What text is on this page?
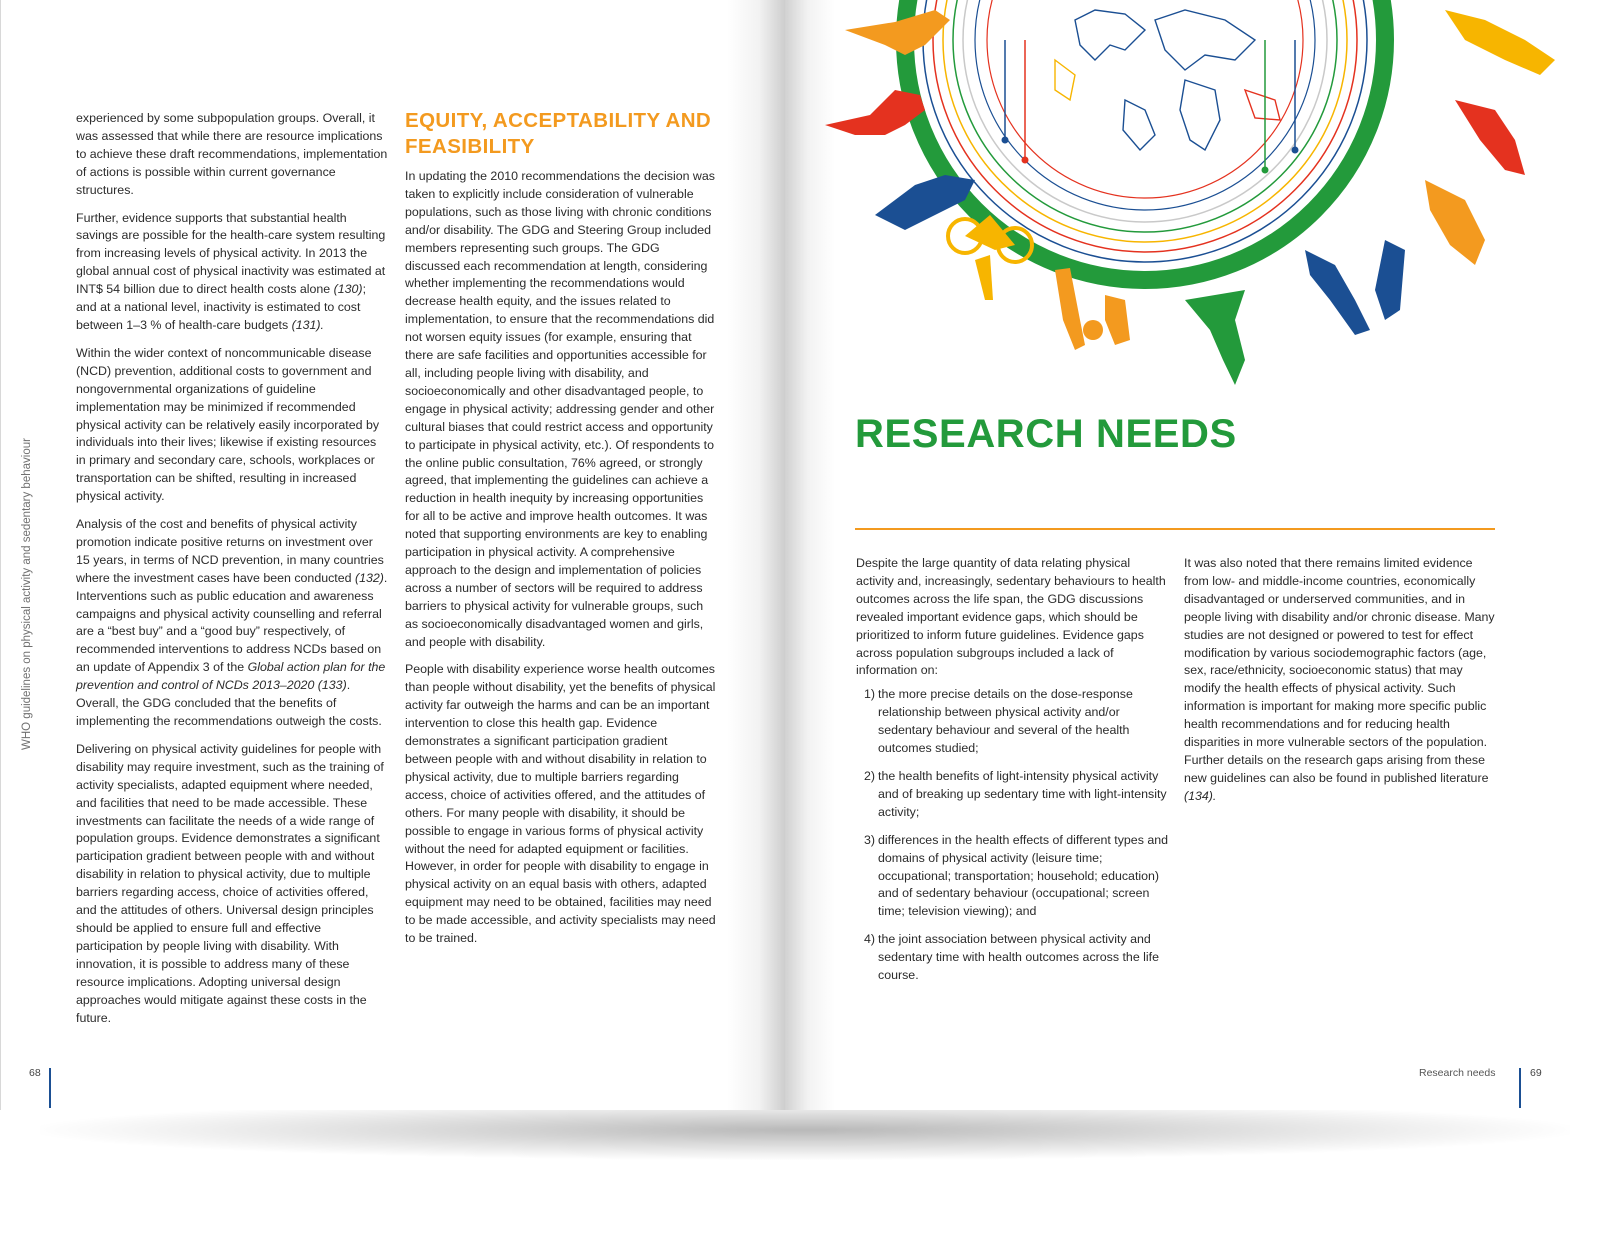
WHO guidelines on physical activity and sedentary behaviour

experienced by some subpopulation groups. Overall, it was assessed that while there are resource implications to achieve these draft recommendations, implementation of actions is possible within current governance structures.

Further, evidence supports that substantial health savings are possible for the health-care system resulting from increasing levels of physical activity. In 2013 the global annual cost of physical inactivity was estimated at INT$ 54 billion due to direct health costs alone (130); and at a national level, inactivity is estimated to cost between 1–3 % of health-care budgets (131).

Within the wider context of noncommunicable disease (NCD) prevention, additional costs to government and nongovernmental organizations of guideline implementation may be minimized if recommended physical activity can be relatively easily incorporated by individuals into their lives; likewise if existing resources in primary and secondary care, schools, workplaces or transportation can be shifted, resulting in increased physical activity.

Analysis of the cost and benefits of physical activity promotion indicate positive returns on investment over 15 years, in terms of NCD prevention, in many countries where the investment cases have been conducted (132). Interventions such as public education and awareness campaigns and physical activity counselling and referral are a “best buy” and a “good buy” respectively, of recommended interventions to address NCDs based on an update of Appendix 3 of the Global action plan for the prevention and control of NCDs 2013–2020 (133). Overall, the GDG concluded that the benefits of implementing the recommendations outweigh the costs.

Delivering on physical activity guidelines for people with disability may require investment, such as the training of activity specialists, adapted equipment where needed, and facilities that need to be made accessible. These investments can facilitate the needs of a wide range of population groups. Evidence demonstrates a significant participation gradient between people with and without disability in relation to physical activity, due to multiple barriers regarding access, choice of activities offered, and the attitudes of others. Universal design principles should be applied to ensure full and effective participation by people living with disability. With innovation, it is possible to address many of these resource implications. Adopting universal design approaches would mitigate against these costs in the future.

EQUITY, ACCEPTABILITY AND FEASIBILITY

In updating the 2010 recommendations the decision was taken to explicitly include consideration of vulnerable populations, such as those living with chronic conditions and/or disability. The GDG and Steering Group included members representing such groups. The GDG discussed each recommendation at length, considering whether implementing the recommendations would decrease health equity, and the issues related to implementation, to ensure that the recommendations did not worsen equity issues (for example, ensuring that there are safe facilities and opportunities accessible for all, including people living with disability, and socioeconomically and other disadvantaged people, to engage in physical activity; addressing gender and other cultural biases that could restrict access and opportunity to participate in physical activity, etc.). Of respondents to the online public consultation, 76% agreed, or strongly agreed, that implementing the guidelines can achieve a reduction in health inequity by increasing opportunities for all to be active and improve health outcomes. It was noted that supporting environments are key to enabling participation in physical activity. A comprehensive approach to the design and implementation of policies across a number of sectors will be required to address barriers to physical activity for vulnerable groups, such as socioeconomically disadvantaged women and girls, and people with disability.

People with disability experience worse health outcomes than people without disability, yet the benefits of physical activity far outweigh the harms and can be an important intervention to close this health gap. Evidence demonstrates a significant participation gradient between people with and without disability in relation to physical activity, due to multiple barriers regarding access, choice of activities offered, and the attitudes of others. For many people with disability, it should be possible to engage in various forms of physical activity without the need for adapted equipment or facilities. However, in order for people with disability to engage in physical activity on an equal basis with others, adapted equipment may need to be obtained, facilities may need to be made accessible, and activity specialists may need to be trained.

68
RESEARCH NEEDS

Despite the large quantity of data relating physical activity and, increasingly, sedentary behaviours to health outcomes across the life span, the GDG discussions revealed important evidence gaps, which should be prioritized to inform future guidelines. Evidence gaps across population subgroups included a lack of information on:

1) the more precise details on the dose-response relationship between physical activity and/or sedentary behaviour and several of the health outcomes studied;
2) the health benefits of light-intensity physical activity and of breaking up sedentary time with light-intensity activity;
3) differences in the health effects of different types and domains of physical activity (leisure time; occupational; transportation; household; education) and of sedentary behaviour (occupational; screen time; television viewing); and
4) the joint association between physical activity and sedentary time with health outcomes across the life course.

It was also noted that there remains limited evidence from low- and middle-income countries, economically disadvantaged or underserved communities, and in people living with disability and/or chronic disease. Many studies are not designed or powered to test for effect modification by various sociodemographic factors (age, sex, race/ethnicity, socioeconomic status) that may modify the health effects of physical activity. Such information is important for making more specific public health recommendations and for reducing health disparities in more vulnerable sectors of the population. Further details on the research gaps arising from these new guidelines can also be found in published literature (134).

Research needs	69
